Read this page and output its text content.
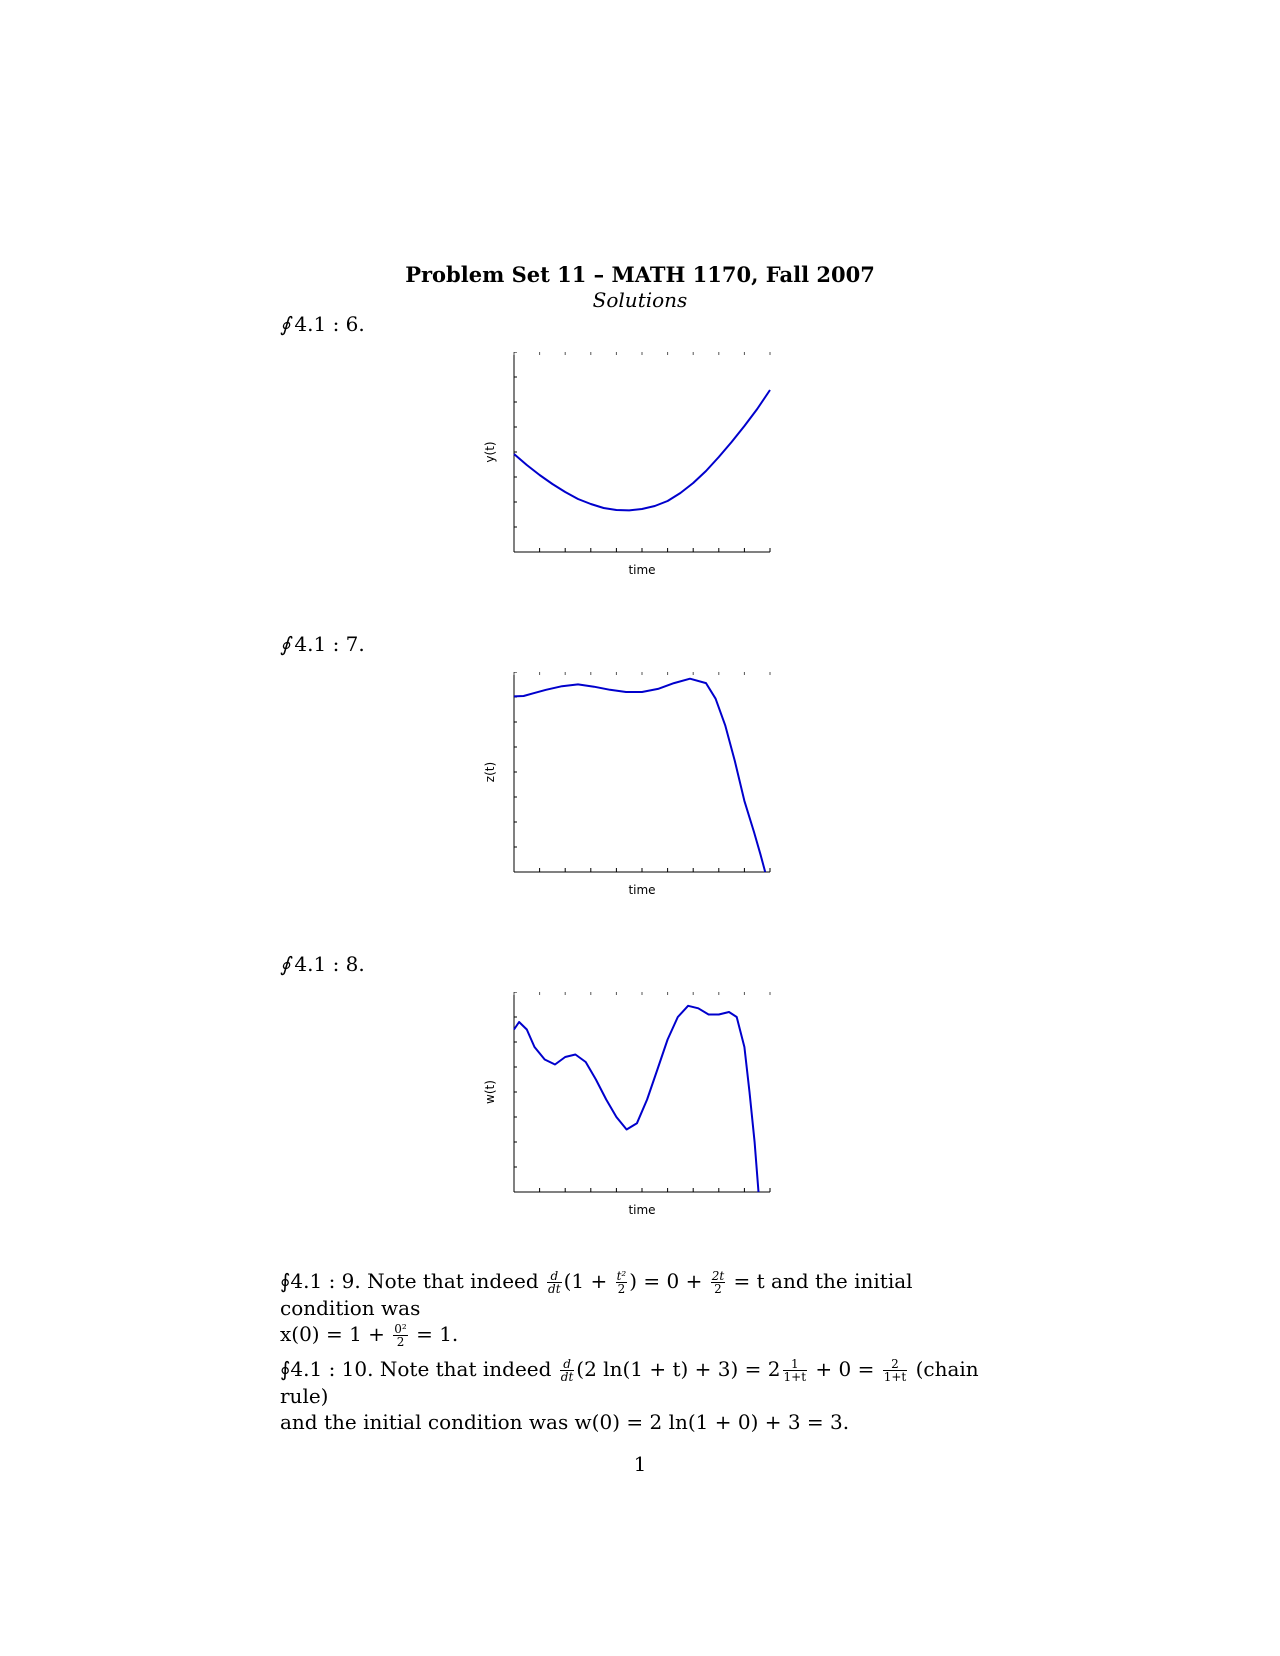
Problem Set 11 – MATH 1170, Fall 2007
Solutions
∮ 4.1 : 6.
time
y(t)
∮ 4.1 : 7.
time
z(t)
∮ 4.1 : 8.
time
w(t)
∮4.1 : 9. Note that indeed $\frac{d}{dt} (1 + \frac{\text{t²}}{2}$ ) = $0 + \frac{2t}{2} = t$ and the initial condition was
$x(0) = 1 + \frac{\text{0²}}{2} = 1$.
∮4.1 : 10. Note that indeed $\frac{d}{dt} (2$ $\ln(1 + t) + 3) = 2 \frac{1}{1+t} + 0 = \frac{2}{1+t}$ (chain rule)
and the initial condition was w(0) = 2 ln(1 + 0) + 3 = 3.
1
